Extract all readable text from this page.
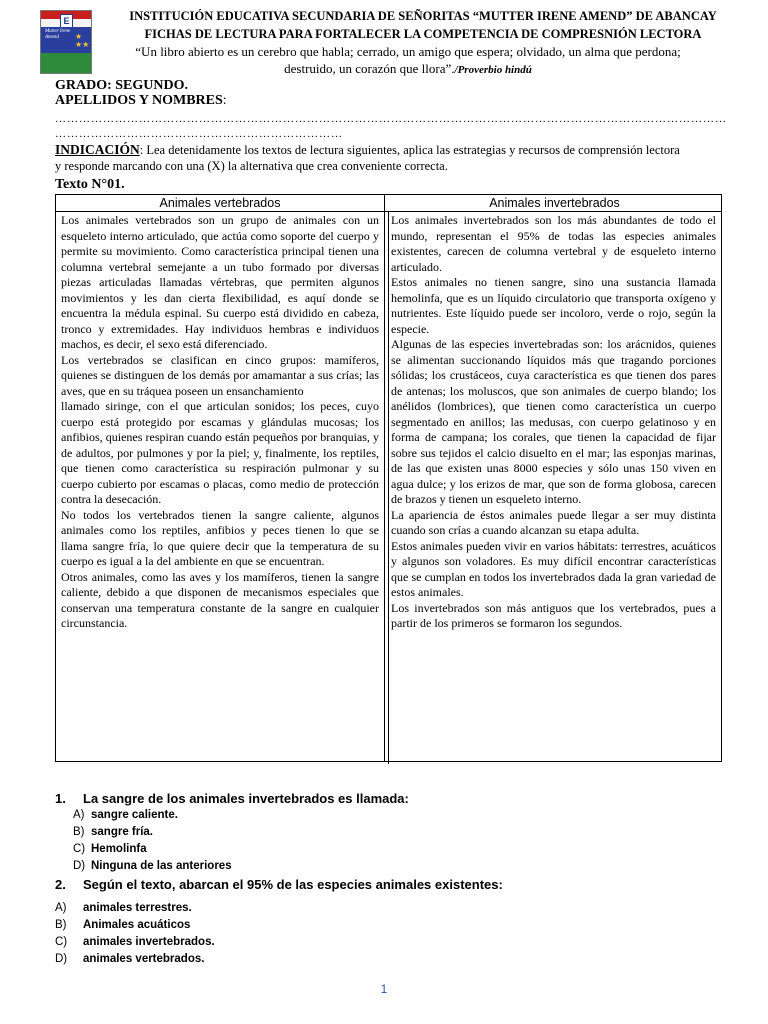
E
Mutter Irene Amend	★
★★
INSTITUCIÓN EDUCATIVA SECUNDARIA DE SEÑORITAS “MUTTER IRENE AMEND” DE ABANCAY
FICHAS DE LECTURA PARA FORTALECER LA COMPETENCIA DE COMPRESNIÓN LECTORA
“Un libro abierto es un cerebro que habla; cerrado, un amigo que espera; olvidado, un alma que perdona; destruido, un corazón que llora”./Proverbio hindú
GRADO: SEGUNDO.
APELLIDOS Y NOMBRES:
……………………………………………………………………………………………………………………………………………………
………………………………………………………………
INDICACIÓN: Lea detenidamente los textos de lectura siguientes, aplica las estrategias y recursos de comprensión lectora y responde marcando con una (X) la alternativa que crea conveniente correcta.
Texto N°01.
Animales vertebrados	Animales invertebrados

Los animales vertebrados son un grupo de animales con un esqueleto interno articulado, que actúa como soporte del cuerpo y permite su movimiento. Como característica principal tienen una columna vertebral semejante a un tubo formado por diversas piezas articuladas llamadas vértebras, que permiten algunos movimientos y les dan cierta flexibilidad, es aquí donde se encuentra la médula espinal. Su cuerpo está dividido en cabeza, tronco y extremidades. Hay individuos hembras e individuos machos, es decir, el sexo está diferenciado.

Los vertebrados se clasifican en cinco grupos: mamíferos, quienes se distinguen de los demás por amamantar a sus crías; las aves, que en su tráquea poseen un ensanchamiento

llamado siringe, con el que articulan sonidos; los peces, cuyo cuerpo está protegido por escamas y glándulas mucosas; los anfibios, quienes respiran cuando están pequeños por branquias, y de adultos, por pulmones y por la piel; y, finalmente, los reptiles, que tienen como característica su respiración pulmonar y su cuerpo cubierto por escamas o placas, como medio de protección contra la desecación.

No todos los vertebrados tienen la sangre caliente, algunos animales como los reptiles, anfibios y peces tienen lo que se llama sangre fría, lo que quiere decir que la temperatura de su cuerpo es igual a la del ambiente en que se encuentran.

Otros animales, como las aves y los mamíferos, tienen la sangre caliente, debido a que disponen de mecanismos especiales que conservan una temperatura constante de la sangre en cualquier circunstancia.

Los animales invertebrados son los más abundantes de todo el mundo, representan el 95% de todas las especies animales existentes, carecen de columna vertebral y de esqueleto interno articulado.

Estos animales no tienen sangre, sino una sustancia llamada hemolinfa, que es un líquido circulatorio que transporta oxígeno y nutrientes. Este líquido puede ser incoloro, verde o rojo, según la especie.

Algunas de las especies invertebradas son: los arácnidos, quienes se alimentan succionando líquidos más que tragando porciones sólidas; los crustáceos, cuya característica es que tienen dos pares de antenas; los moluscos, que son animales de cuerpo blando; los anélidos (lombrices), que tienen como característica un cuerpo segmentado en anillos; las medusas, con cuerpo gelatinoso y en forma de campana; los corales, que tienen la capacidad de fijar sobre sus tejidos el calcio disuelto en el mar; las esponjas marinas, de las que existen unas 8000 especies y sólo unas 150 viven en agua dulce; y los erizos de mar, que son de forma globosa, carecen de brazos y tienen un esqueleto interno.

La apariencia de éstos animales puede llegar a ser muy distinta cuando son crías a cuando alcanzan su etapa adulta.

Estos animales pueden vivir en varios hábitats: terrestres, acuáticos y algunos son voladores. Es muy difícil encontrar características que se cumplan en todos los invertebrados dada la gran variedad de estos animales.

Los invertebrados son más antiguos que los vertebrados, pues a partir de los primeros se formaron los segundos.

1. La sangre de los animales invertebrados es llamada:
A) sangre caliente.
B) sangre fría.
C) Hemolinfa
D) Ninguna de las anteriores
2. Según el texto, abarcan el 95% de las especies animales existentes:
A) animales terrestres.
B) Animales acuáticos
C) animales invertebrados.
D) animales vertebrados.
1
